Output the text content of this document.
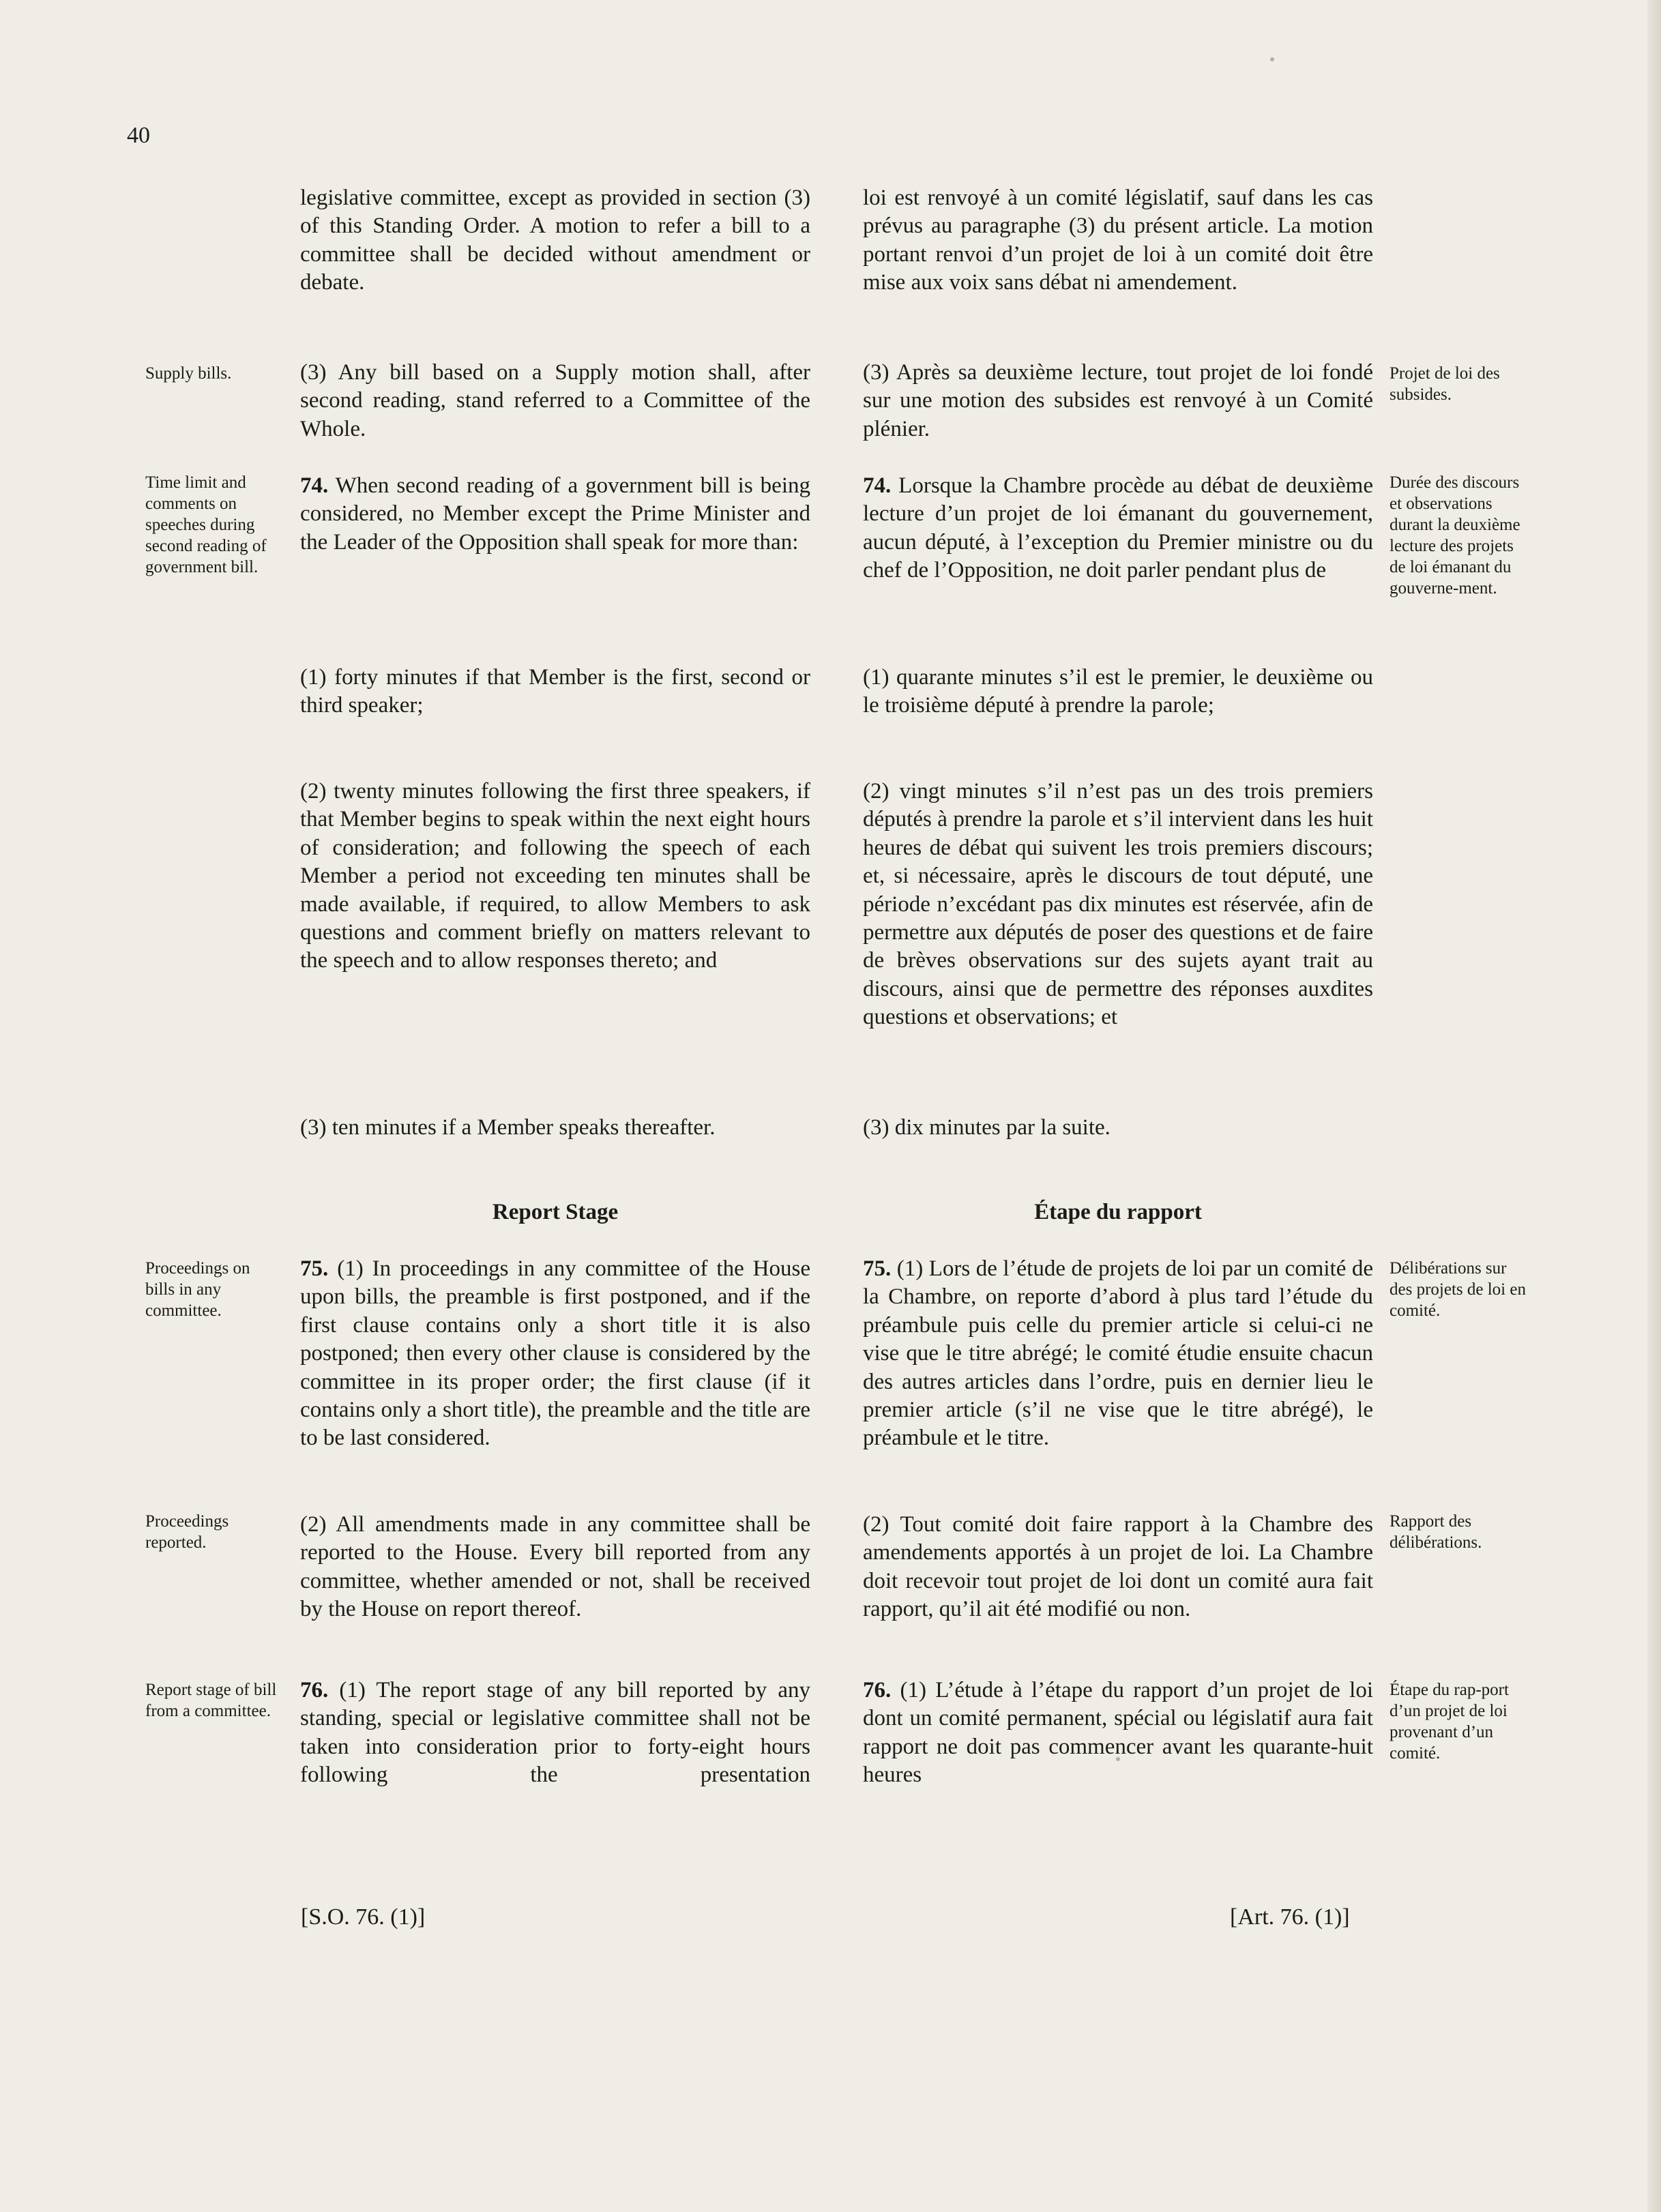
40

legislative committee, except as provided in section (3) of this Standing Order. A motion to refer a bill to a committee shall be decided without amendment or debate.

(3) Any bill based on a Supply motion shall, after second reading, stand referred to a Committee of the Whole.

74. When second reading of a government bill is being considered, no Member except the Prime Minister and the Leader of the Opposition shall speak for more than:

(1) forty minutes if that Member is the first, second or third speaker;

(2) twenty minutes following the first three speakers, if that Member begins to speak within the next eight hours of consideration; and following the speech of each Member a period not exceeding ten minutes shall be made available, if required, to allow Members to ask questions and comment briefly on matters relevant to the speech and to allow responses thereto; and

(3) ten minutes if a Member speaks thereafter.

Report Stage

75. (1) In proceedings in any committee of the House upon bills, the preamble is first postponed, and if the first clause contains only a short title it is also postponed; then every other clause is considered by the committee in its proper order; the first clause (if it contains only a short title), the preamble and the title are to be last considered.

(2) All amendments made in any committee shall be reported to the House. Every bill reported from any committee, whether amended or not, shall be received by the House on report thereof.

76. (1) The report stage of any bill reported by any standing, special or legislative committee shall not be taken into consideration prior to forty-eight hours following the presentation

loi est renvoyé à un comité législatif, sauf dans les cas prévus au paragraphe (3) du présent article. La motion portant renvoi d’un projet de loi à un comité doit être mise aux voix sans débat ni amendement.

(3) Après sa deuxième lecture, tout projet de loi fondé sur une motion des subsides est renvoyé à un Comité plénier.

74. Lorsque la Chambre procède au débat de deuxième lecture d’un projet de loi émanant du gouvernement, aucun député, à l’exception du Premier ministre ou du chef de l’Opposition, ne doit parler pendant plus de

(1) quarante minutes s’il est le premier, le deuxième ou le troisième député à prendre la parole;

(2) vingt minutes s’il n’est pas un des trois premiers députés à prendre la parole et s’il intervient dans les huit heures de débat qui suivent les trois premiers discours; et, si nécessaire, après le discours de tout député, une période n’excédant pas dix minutes est réservée, afin de permettre aux députés de poser des questions et de faire de brèves observations sur des sujets ayant trait au discours, ainsi que de permettre des réponses auxdites questions et observations; et

(3) dix minutes par la suite.

Étape du rapport

75. (1) Lors de l’étude de projets de loi par un comité de la Chambre, on reporte d’abord à plus tard l’étude du préambule puis celle du premier article si celui-ci ne vise que le titre abrégé; le comité étudie ensuite chacun des autres articles dans l’ordre, puis en dernier lieu le premier article (s’il ne vise que le titre abrégé), le préambule et le titre.

(2) Tout comité doit faire rapport à la Chambre des amendements apportés à un projet de loi. La Chambre doit recevoir tout projet de loi dont un comité aura fait rapport, qu’il ait été modifié ou non.

76. (1) L’étude à l’étape du rapport d’un projet de loi dont un comité permanent, spécial ou législatif aura fait rapport ne doit pas commencer avant les quarante-huit heures

Supply bills.
Time limit and comments on speeches during second reading of government bill.
Proceedings on bills in any committee.
Proceedings reported.
Report stage of bill from a committee.
Projet de loi des subsides.
Durée des discours et observations durant la deuxième lecture des projets de loi émanant du gouverne-ment.
Délibérations sur des projets de loi en comité.
Rapport des délibérations.
Étape du rap-port d’un projet de loi provenant d’un comité.
[S.O. 76. (1)]	[Art. 76. (1)]
